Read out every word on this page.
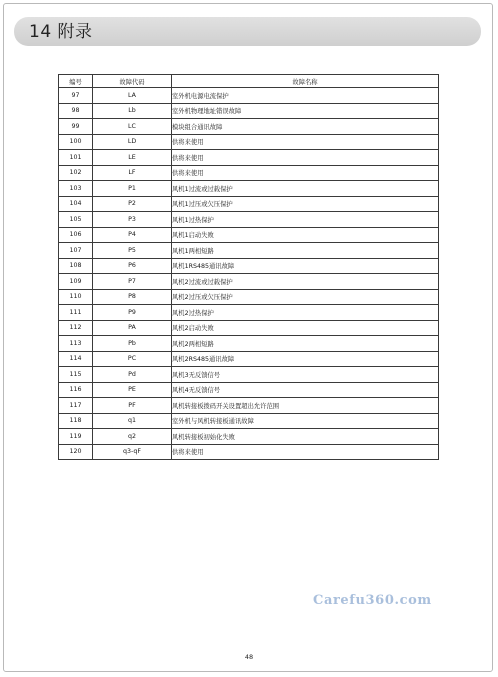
14 附录
编号	故障代码	故障名称
97	LA	室外机电源电流保护
98	Lb	室外机物理地址错误故障
99	LC	模块组合通讯故障
100	LD	供将来使用
101	LE	供将来使用
102	LF	供将来使用
103	P1	风机1过流或过载保护
104	P2	风机1过压或欠压保护
105	P3	风机1过热保护
106	P4	风机1启动失败
107	P5	风机1两相短路
108	P6	风机1RS485通讯故障
109	P7	风机2过流或过载保护
110	P8	风机2过压或欠压保护
111	P9	风机2过热保护
112	PA	风机2启动失败
113	Pb	风机2两相短路
114	PC	风机2RS485通讯故障
115	Pd	风机3无反馈信号
116	PE	风机4无反馈信号
117	PF	风机转接板拨码开关设置超出允许范围
118	q1	室外机与风机转接板通讯故障
119	q2	风机转接板初始化失败
120	q3-qF	供将来使用
Carefu360.com
48
